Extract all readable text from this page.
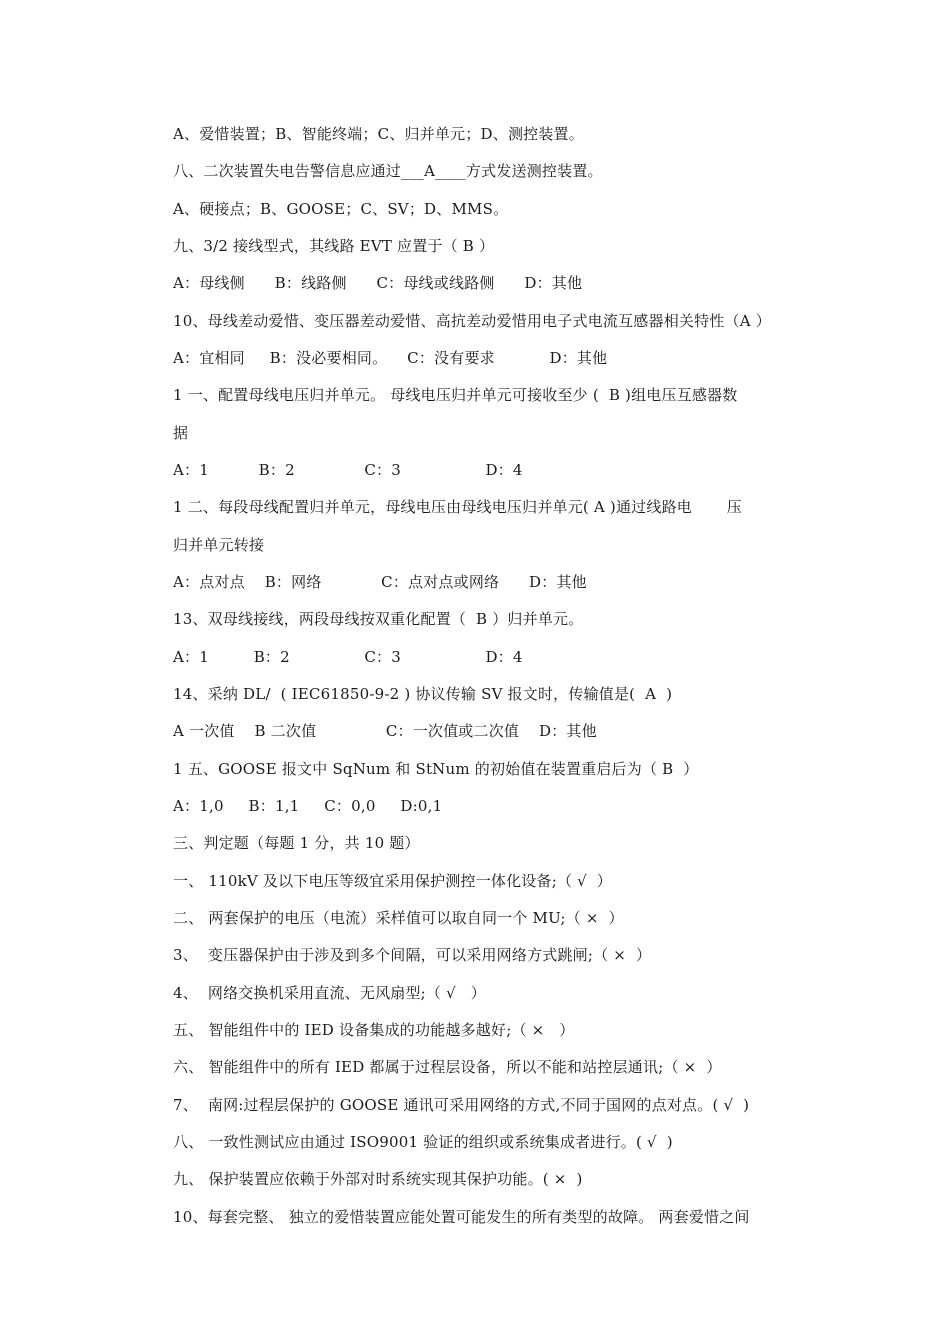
A、爱惜装置；B、智能终端；C、归并单元；D、测控装置。
八、二次装置失电告警信息应通过___A____方式发送测控装置。
A、硬接点；B、GOOSE；C、SV；D、MMS。
九、3/2 接线型式，其线路 EVT 应置于（ B ）
A：母线侧      B：线路侧      C：母线或线路侧      D：其他
10、母线差动爱惜、变压器差动爱惜、高抗差动爱惜用电子式电流互感器相关特性（A ）
A：宜相同     B：没必要相同。    C：没有要求           D：其他
1 一、配置母线电压归并单元。 母线电压归并单元可接收至少 (  B )组电压互感器数
据
A：1          B：2              C：3                 D：4
1 二、每段母线配置归并单元，母线电压由母线电压归并单元( A )通过线路电       压
归并单元转接
A：点对点    B：网络            C：点对点或网络      D：其他
13、双母线接线，两段母线按双重化配置（  B ）归并单元。
A：1         B：2               C：3                 D：4
14、采纳 DL/  ( IEC61850-9-2 ) 协议传输 SV 报文时，传输值是(  A  )
A 一次值    B 二次值              C：一次值或二次值    D：其他
1 五、GOOSE 报文中 SqNum 和 StNum 的初始值在装置重启后为（ B  ）
A：1,0     B：1,1     C：0,0     D:0,1
三、判定题（每题 1 分，共 10 题）
一、 110kV 及以下电压等级宜采用保护测控一体化设备;（ √  ）
二、 两套保护的电压（电流）采样值可以取自同一个 MU;（ ×  ）
3、  变压器保护由于涉及到多个间隔，可以采用网络方式跳闸;（ ×  ）
4、  网络交换机采用直流、无风扇型;（ √   ）
五、 智能组件中的 IED 设备集成的功能越多越好;（ ×   ）
六、 智能组件中的所有 IED 都属于过程层设备，所以不能和站控层通讯;（ ×  ）
7、  南网:过程层保护的 GOOSE 通讯可采用网络的方式,不同于国网的点对点。( √  )
八、 一致性测试应由通过 ISO9001 验证的组织或系统集成者进行。( √  )
九、 保护装置应依赖于外部对时系统实现其保护功能。( ×  )
10、每套完整、 独立的爱惜装置应能处置可能发生的所有类型的故障。 两套爱惜之间
